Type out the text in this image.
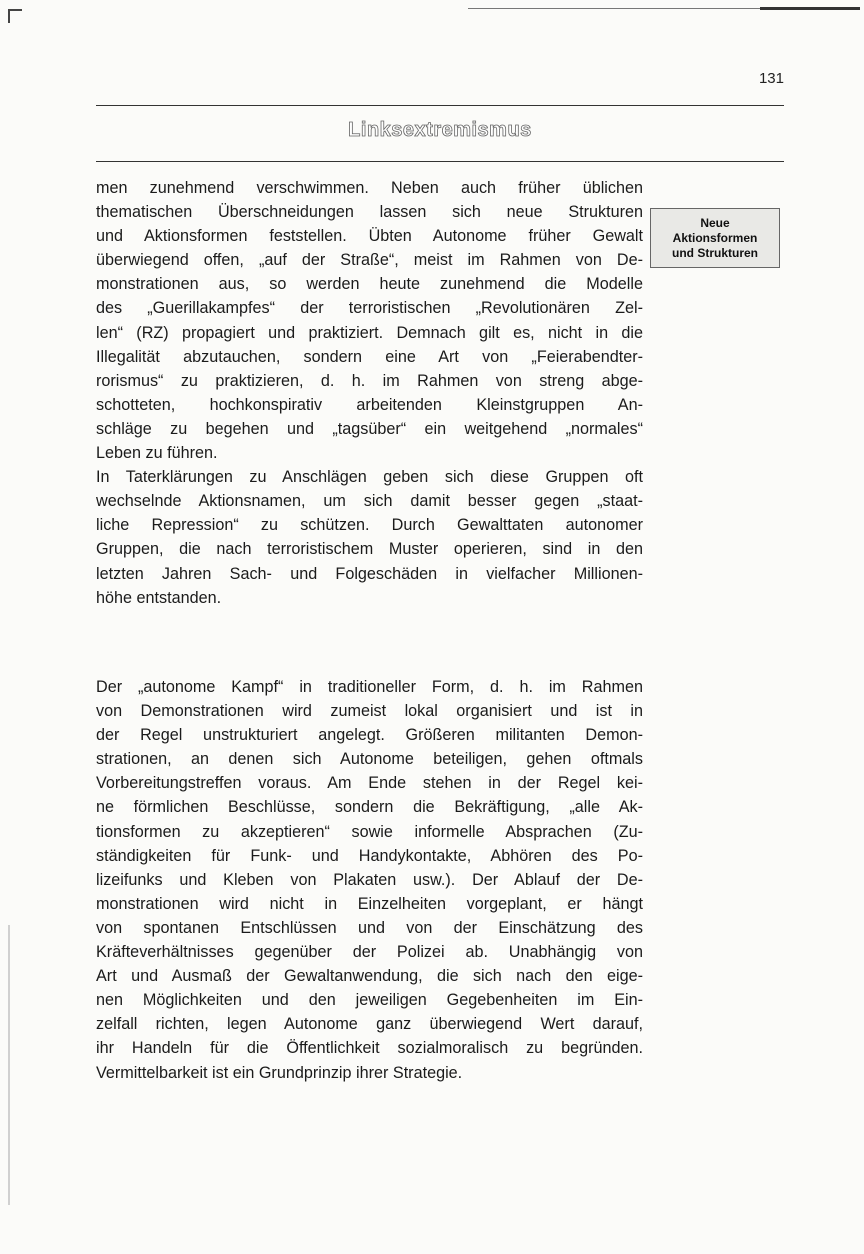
131
Linksextremismus
Neue
Aktionsformen
und Strukturen
men zunehmend verschwimmen. Neben auch früher üblichen
thematischen Überschneidungen lassen sich neue Strukturen
und Aktionsformen feststellen. Übten Autonome früher Gewalt
überwiegend offen, „auf der Straße“, meist im Rahmen von De-
monstrationen aus, so werden heute zunehmend die Modelle
des „Guerillakampfes“ der terroristischen „Revolutionären Zel-
len“ (RZ) propagiert und praktiziert. Demnach gilt es, nicht in die
Illegalität abzutauchen, sondern eine Art von „Feierabendter-
rorismus“ zu praktizieren, d. h. im Rahmen von streng abge-
schotteten, hochkonspirativ arbeitenden Kleinstgruppen An-
schläge zu begehen und „tagsüber“ ein weitgehend „normales“
Leben zu führen.
In Taterklärungen zu Anschlägen geben sich diese Gruppen oft
wechselnde Aktionsnamen, um sich damit besser gegen „staat-
liche Repression“ zu schützen. Durch Gewalttaten autonomer
Gruppen, die nach terroristischem Muster operieren, sind in den
letzten Jahren Sach- und Folgeschäden in vielfacher Millionen-
höhe entstanden.
Der „autonome Kampf“ in traditioneller Form, d. h. im Rahmen
von Demonstrationen wird zumeist lokal organisiert und ist in
der Regel unstrukturiert angelegt. Größeren militanten Demon-
strationen, an denen sich Autonome beteiligen, gehen oftmals
Vorbereitungstreffen voraus. Am Ende stehen in der Regel kei-
ne förmlichen Beschlüsse, sondern die Bekräftigung, „alle Ak-
tionsformen zu akzeptieren“ sowie informelle Absprachen (Zu-
ständigkeiten für Funk- und Handykontakte, Abhören des Po-
lizeifunks und Kleben von Plakaten usw.). Der Ablauf der De-
monstrationen wird nicht in Einzelheiten vorgeplant, er hängt
von spontanen Entschlüssen und von der Einschätzung des
Kräfteverhältnisses gegenüber der Polizei ab. Unabhängig von
Art und Ausmaß der Gewaltanwendung, die sich nach den eige-
nen Möglichkeiten und den jeweiligen Gegebenheiten im Ein-
zelfall richten, legen Autonome ganz überwiegend Wert darauf,
ihr Handeln für die Öffentlichkeit sozialmoralisch zu begründen.
Vermittelbarkeit ist ein Grundprinzip ihrer Strategie.
